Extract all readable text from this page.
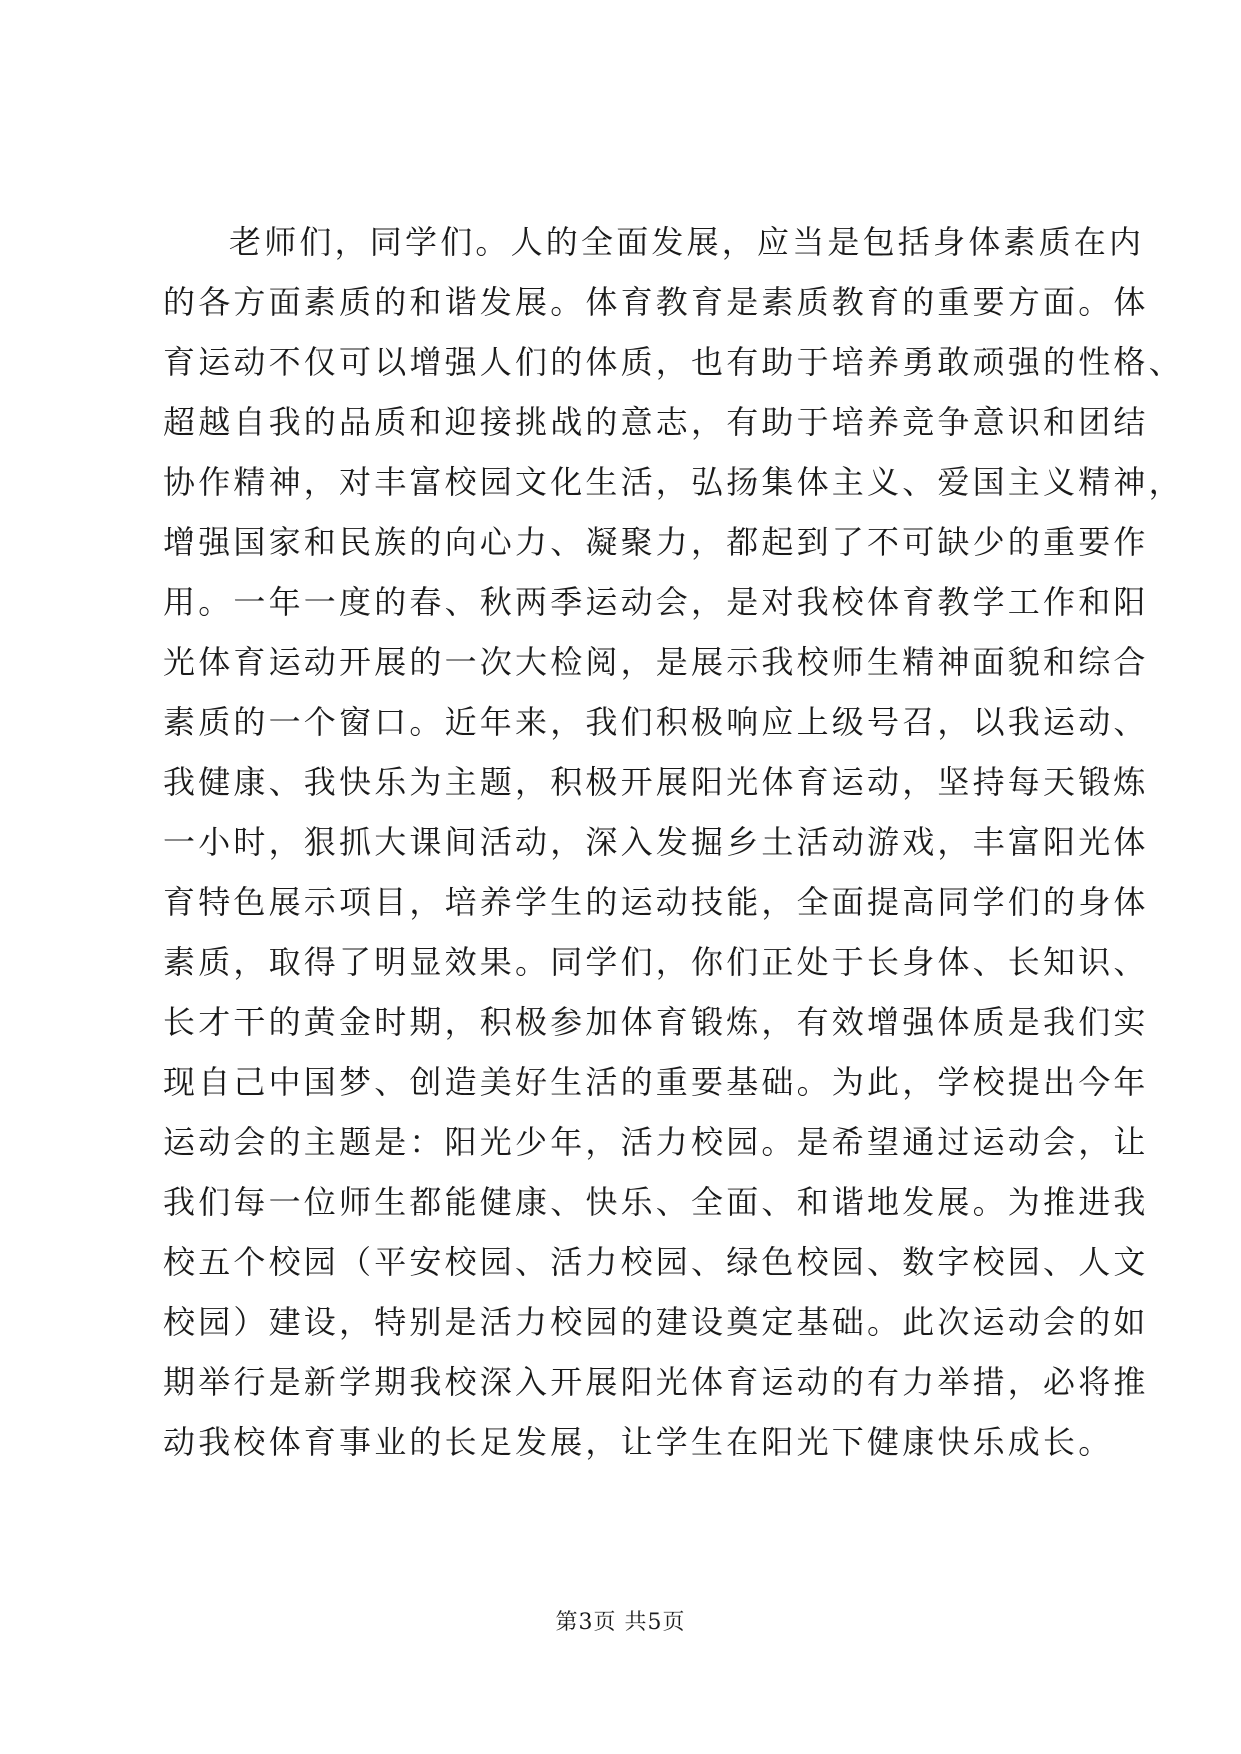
老师们，同学们。人的全面发展，应当是包括身体素质在内
的各方面素质的和谐发展。体育教育是素质教育的重要方面。体
育运动不仅可以增强人们的体质，也有助于培养勇敢顽强的性格、
超越自我的品质和迎接挑战的意志，有助于培养竞争意识和团结
协作精神，对丰富校园文化生活，弘扬集体主义、爱国主义精神，
增强国家和民族的向心力、凝聚力，都起到了不可缺少的重要作
用。一年一度的春、秋两季运动会，是对我校体育教学工作和阳
光体育运动开展的一次大检阅，是展示我校师生精神面貌和综合
素质的一个窗口。近年来，我们积极响应上级号召，以我运动、
我健康、我快乐为主题，积极开展阳光体育运动，坚持每天锻炼
一小时，狠抓大课间活动，深入发掘乡土活动游戏，丰富阳光体
育特色展示项目，培养学生的运动技能，全面提高同学们的身体
素质，取得了明显效果。同学们，你们正处于长身体、长知识、
长才干的黄金时期，积极参加体育锻炼，有效增强体质是我们实
现自己中国梦、创造美好生活的重要基础。为此，学校提出今年
运动会的主题是：阳光少年，活力校园。是希望通过运动会，让
我们每一位师生都能健康、快乐、全面、和谐地发展。为推进我
校五个校园（平安校园、活力校园、绿色校园、数字校园、人文
校园）建设，特别是活力校园的建设奠定基础。此次运动会的如
期举行是新学期我校深入开展阳光体育运动的有力举措，必将推
动我校体育事业的长足发展，让学生在阳光下健康快乐成长。
第3页 共5页
